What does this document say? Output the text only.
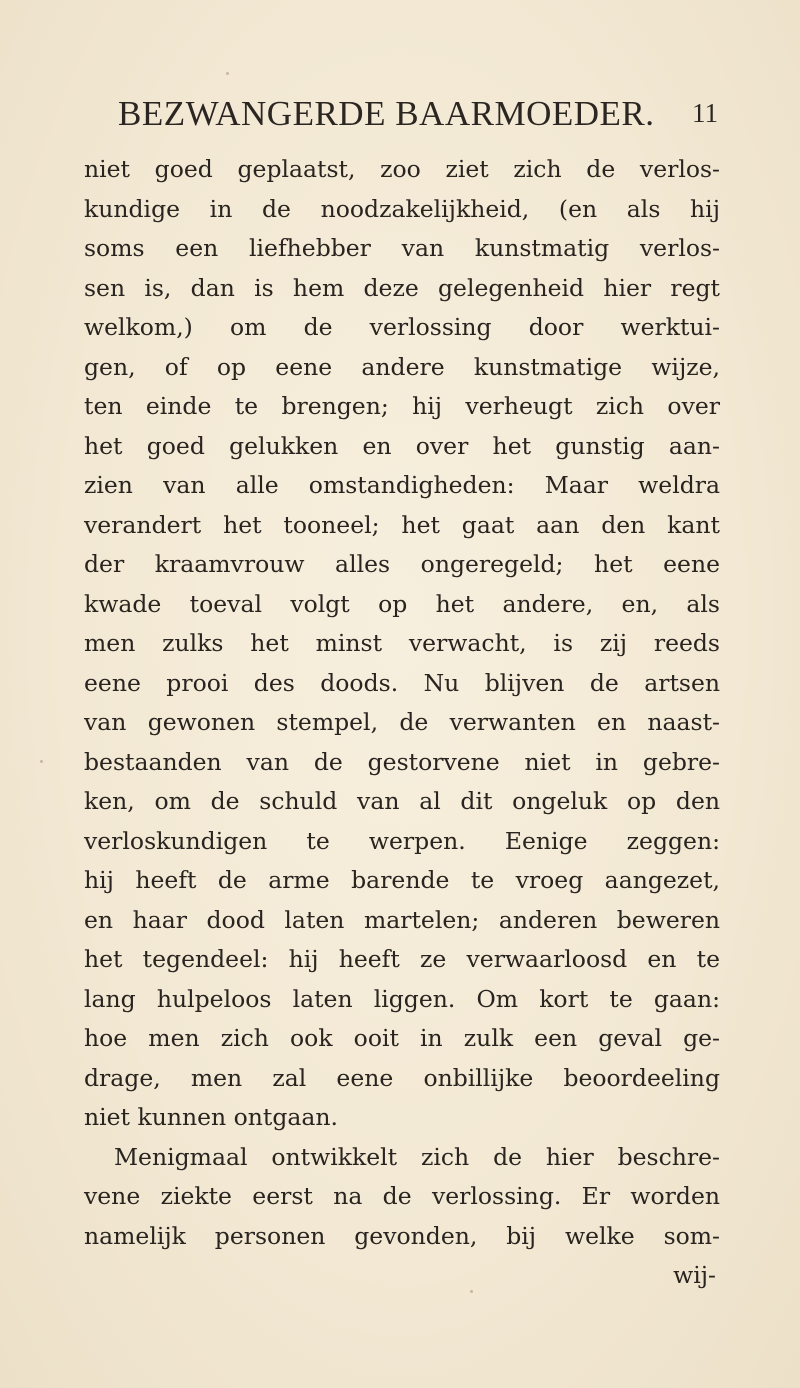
BEZWANGERDE BAARMOEDER. 11
niet goed geplaatst, zoo ziet zich de verlos-
kundige in de noodzakelijkheid, (en als hij
soms een liefhebber van kunstmatig verlos-
sen is, dan is hem deze gelegenheid hier regt
welkom,) om de verlossing door werktui-
gen, of op eene andere kunstmatige wijze,
ten einde te brengen; hij verheugt zich over
het goed gelukken en over het gunstig aan-
zien van alle omstandigheden: Maar weldra
verandert het tooneel; het gaat aan den kant
der kraamvrouw alles ongeregeld; het eene
kwade toeval volgt op het andere, en, als
men zulks het minst verwacht, is zij reeds
eene prooi des doods. Nu blijven de artsen
van gewonen stempel, de verwanten en naast-
bestaanden van de gestorvene niet in gebre-
ken, om de schuld van al dit ongeluk op den
verloskundigen te werpen. Eenige zeggen:
hij heeft de arme barende te vroeg aangezet,
en haar dood laten martelen; anderen beweren
het tegendeel: hij heeft ze verwaarloosd en te
lang hulpeloos laten liggen. Om kort te gaan:
hoe men zich ook ooit in zulk een geval ge-
drage, men zal eene onbillijke beoordeeling
niet kunnen ontgaan.
Menigmaal ontwikkelt zich de hier beschre-
vene ziekte eerst na de verlossing. Er worden
namelijk personen gevonden, bij welke som-
wij-
